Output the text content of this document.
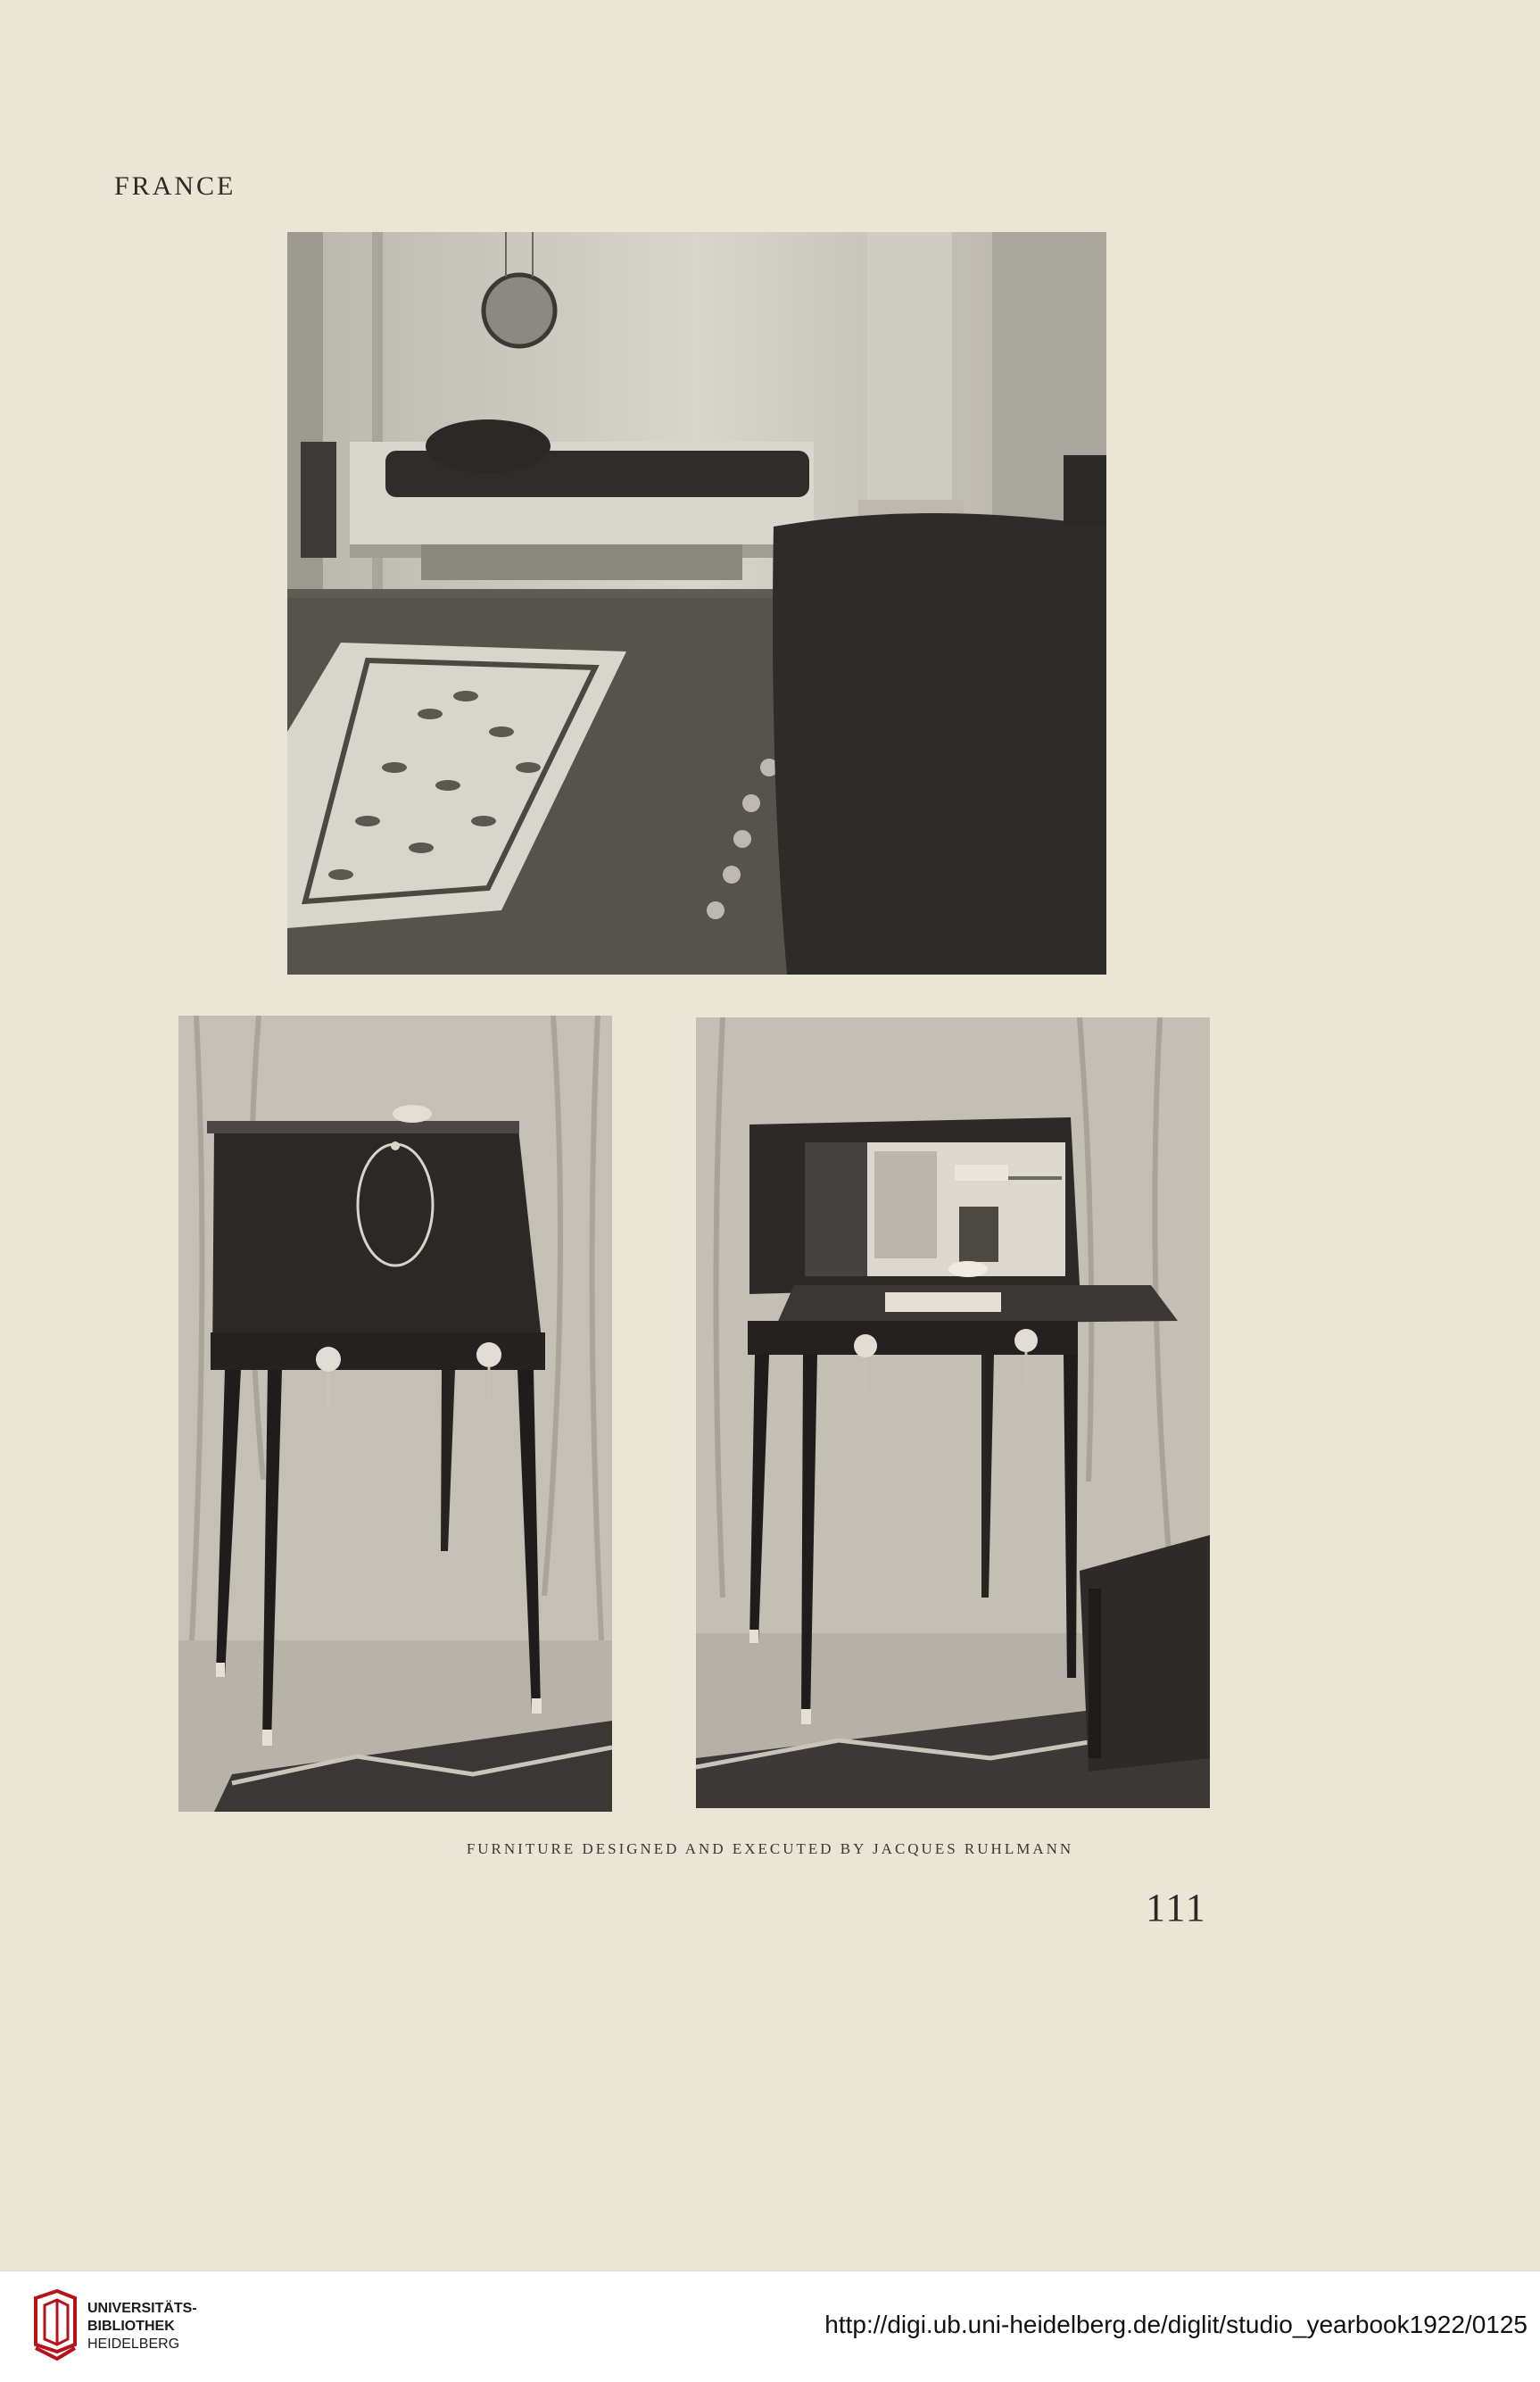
FRANCE
FURNITURE DESIGNED AND EXECUTED BY JACQUES RUHLMANN
111
UNIVERSITÄTS-
BIBLIOTHEK
HEIDELBERG
http://digi.ub.uni-heidelberg.de/diglit/studio_yearbook1922/0125
